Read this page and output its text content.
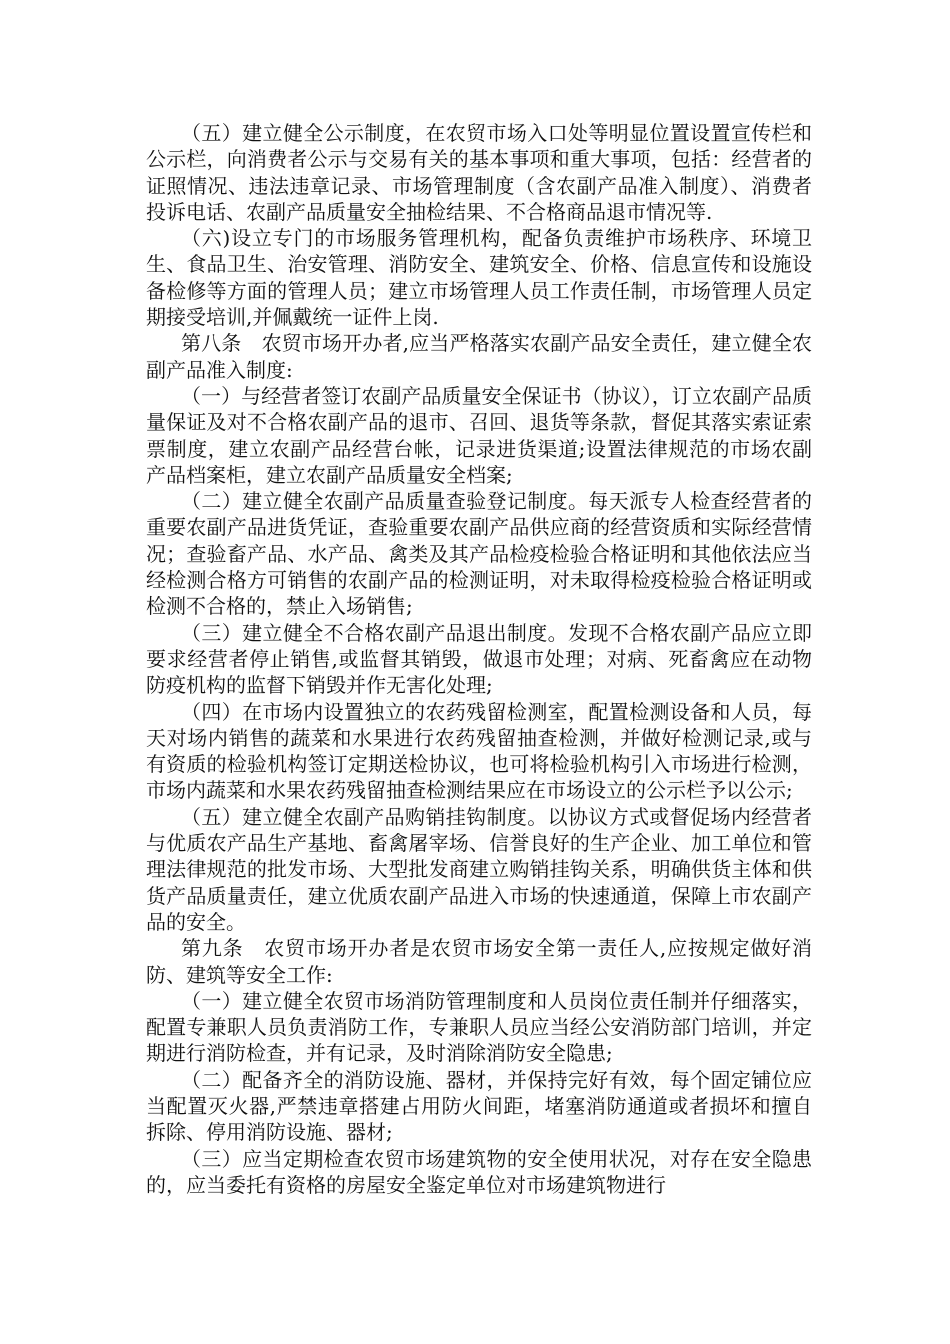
（五）建立健全公示制度，在农贸市场入口处等明显位置设置宣传栏和公示栏，向消费者公示与交易有关的基本事项和重大事项，包括：经营者的证照情况、违法违章记录、市场管理制度（含农副产品准入制度）、消费者投诉电话、农副产品质量安全抽检结果、不合格商品退市情况等.

（六)设立专门的市场服务管理机构，配备负责维护市场秩序、环境卫生、食品卫生、治安管理、消防安全、建筑安全、价格、信息宣传和设施设备检修等方面的管理人员；建立市场管理人员工作责任制，市场管理人员定期接受培训,并佩戴统一证件上岗.

第八条　农贸市场开办者,应当严格落实农副产品安全责任，建立健全农副产品准入制度:

（一）与经营者签订农副产品质量安全保证书（协议），订立农副产品质量保证及对不合格农副产品的退市、召回、退货等条款，督促其落实索证索票制度，建立农副产品经营台帐，记录进货渠道;设置法律规范的市场农副产品档案柜，建立农副产品质量安全档案;

（二）建立健全农副产品质量查验登记制度。每天派专人检查经营者的重要农副产品进货凭证，查验重要农副产品供应商的经营资质和实际经营情况；查验畜产品、水产品、禽类及其产品检疫检验合格证明和其他依法应当经检测合格方可销售的农副产品的检测证明，对未取得检疫检验合格证明或检测不合格的，禁止入场销售;

（三）建立健全不合格农副产品退出制度。发现不合格农副产品应立即要求经营者停止销售,或监督其销毁，做退市处理；对病、死畜禽应在动物防疫机构的监督下销毁并作无害化处理;

（四）在市场内设置独立的农药残留检测室，配置检测设备和人员，每天对场内销售的蔬菜和水果进行农药残留抽查检测，并做好检测记录,或与有资质的检验机构签订定期送检协议，也可将检验机构引入市场进行检测，市场内蔬菜和水果农药残留抽查检测结果应在市场设立的公示栏予以公示;

（五）建立健全农副产品购销挂钩制度。以协议方式或督促场内经营者与优质农产品生产基地、畜禽屠宰场、信誉良好的生产企业、加工单位和管理法律规范的批发市场、大型批发商建立购销挂钩关系，明确供货主体和供货产品质量责任，建立优质农副产品进入市场的快速通道，保障上市农副产品的安全。

第九条　农贸市场开办者是农贸市场安全第一责任人,应按规定做好消防、建筑等安全工作:

（一）建立健全农贸市场消防管理制度和人员岗位责任制并仔细落实，配置专兼职人员负责消防工作，专兼职人员应当经公安消防部门培训，并定期进行消防检查，并有记录，及时消除消防安全隐患;

（二）配备齐全的消防设施、器材，并保持完好有效，每个固定铺位应当配置灭火器,严禁违章搭建占用防火间距，堵塞消防通道或者损坏和擅自拆除、停用消防设施、器材;

（三）应当定期检查农贸市场建筑物的安全使用状况，对存在安全隐患的，应当委托有资格的房屋安全鉴定单位对市场建筑物进行
